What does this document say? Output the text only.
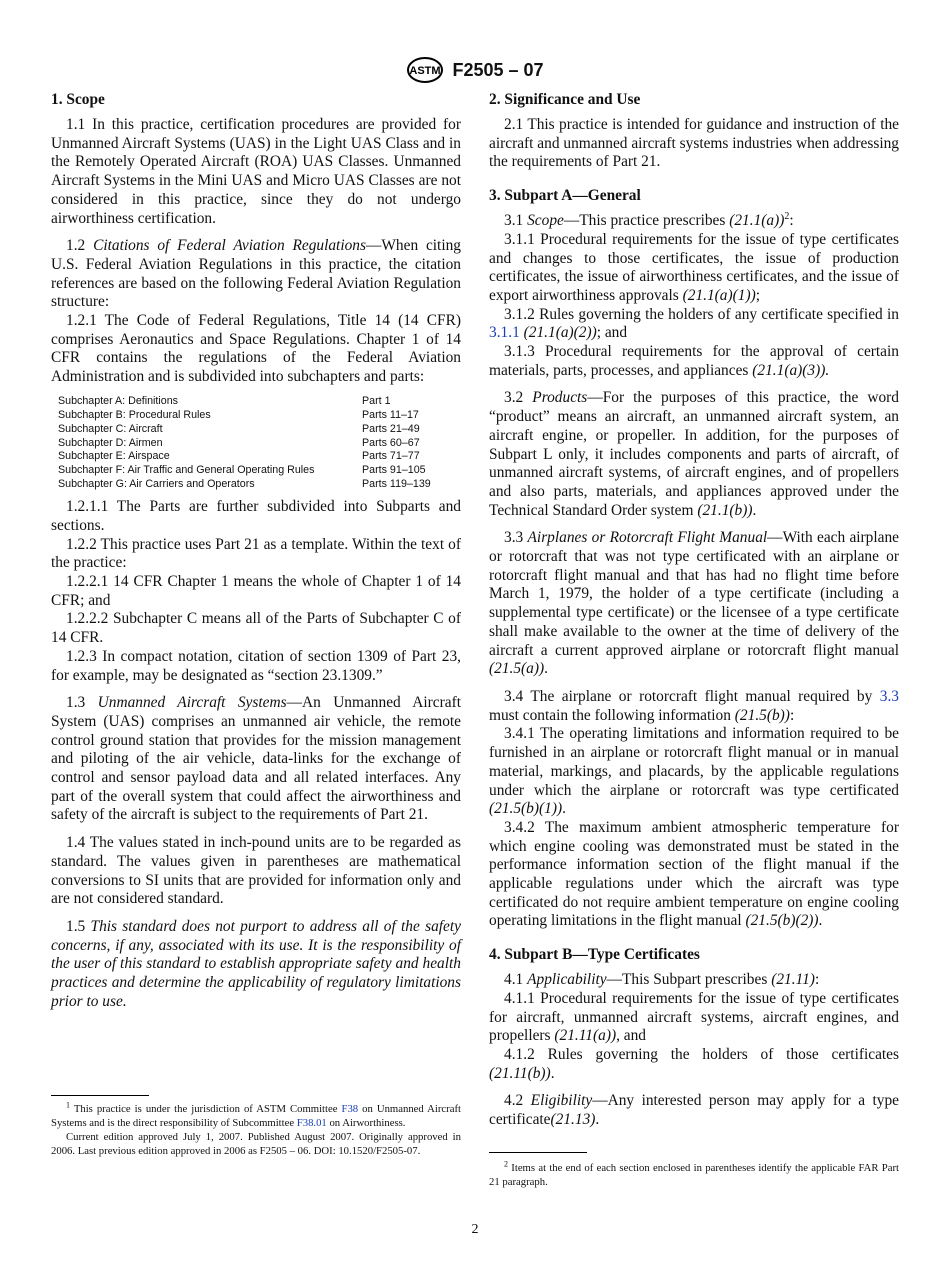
ASTM F2505 – 07
1. Scope

1.1 In this practice, certification procedures are provided for Unmanned Aircraft Systems (UAS) in the Light UAS Class and in the Remotely Operated Aircraft (ROA) UAS Classes. Unmanned Aircraft Systems in the Mini UAS and Micro UAS Classes are not considered in this practice, since they do not undergo airworthiness certification.

1.2 Citations of Federal Aviation Regulations—When citing U.S. Federal Aviation Regulations in this practice, the citation references are based on the following Federal Aviation Regulation structure:

1.2.1 The Code of Federal Regulations, Title 14 (14 CFR) comprises Aeronautics and Space Regulations. Chapter 1 of 14 CFR contains the regulations of the Federal Aviation Administration and is subdivided into subchapters and parts:

Subchapter A: Definitions	Part 1
Subchapter B: Procedural Rules	Parts 11–17
Subchapter C: Aircraft	Parts 21–49
Subchapter D: Airmen	Parts 60–67
Subchapter E: Airspace	Parts 71–77
Subchapter F: Air Traffic and General Operating Rules	Parts 91–105
Subchapter G: Air Carriers and Operators	Parts 119–139

1.2.1.1 The Parts are further subdivided into Subparts and sections.

1.2.2 This practice uses Part 21 as a template. Within the text of the practice:

1.2.2.1 14 CFR Chapter 1 means the whole of Chapter 1 of 14 CFR; and

1.2.2.2 Subchapter C means all of the Parts of Subchapter C of 14 CFR.

1.2.3 In compact notation, citation of section 1309 of Part 23, for example, may be designated as “section 23.1309.”

1.3 Unmanned Aircraft Systems—An Unmanned Aircraft System (UAS) comprises an unmanned air vehicle, the remote control ground station that provides for the mission management and piloting of the air vehicle, data-links for the exchange of control and sensor payload data and all related interfaces. Any part of the overall system that could affect the airworthiness and safety of the aircraft is subject to the requirements of Part 21.

1.4 The values stated in inch-pound units are to be regarded as standard. The values given in parentheses are mathematical conversions to SI units that are provided for information only and are not considered standard.

1.5 This standard does not purport to address all of the safety concerns, if any, associated with its use. It is the responsibility of the user of this standard to establish appropriate safety and health practices and determine the applicability of regulatory limitations prior to use.

$^1$ This practice is under the jurisdiction of ASTM Committee F38 on Unmanned Aircraft Systems and is the direct responsibility of Subcommittee F38.01 on Airworthiness.

Current edition approved July 1, 2007. Published August 2007. Originally approved in 2006. Last previous edition approved in 2006 as F2505 – 06. DOI: 10.1520/F2505-07.

2. Significance and Use

2.1 This practice is intended for guidance and instruction of the aircraft and unmanned aircraft systems industries when addressing the requirements of Part 21.

3. Subpart A—General

3.1 Scope—This practice prescribes $(21.1(a))^2$:

3.1.1 Procedural requirements for the issue of type certificates and changes to those certificates, the issue of production certificates, the issue of airworthiness certificates, and the issue of export airworthiness approvals (21.1(a)(1));

3.1.2 Rules governing the holders of any certificate specified in 3.1.1 (21.1(a)(2)); and

3.1.3 Procedural requirements for the approval of certain materials, parts, processes, and appliances (21.1(a)(3)).

3.2 Products—For the purposes of this practice, the word “product” means an aircraft, an unmanned aircraft system, an aircraft engine, or propeller. In addition, for the purposes of Subpart L only, it includes components and parts of aircraft, of unmanned aircraft systems, of aircraft engines, and of propellers and also parts, materials, and appliances approved under the Technical Standard Order system (21.1(b)).

3.3 Airplanes or Rotorcraft Flight Manual—With each airplane or rotorcraft that was not type certificated with an airplane or rotorcraft flight manual and that has had no flight time before March 1, 1979, the holder of a type certificate (including a supplemental type certificate) or the licensee of a type certificate shall make available to the owner at the time of delivery of the aircraft a current approved airplane or rotorcraft flight manual (21.5(a)).

3.4 The airplane or rotorcraft flight manual required by 3.3 must contain the following information (21.5(b)):

3.4.1 The operating limitations and information required to be furnished in an airplane or rotorcraft flight manual or in manual material, markings, and placards, by the applicable regulations under which the airplane or rotorcraft was type certificated (21.5(b)(1)).

3.4.2 The maximum ambient atmospheric temperature for which engine cooling was demonstrated must be stated in the performance information section of the flight manual if the applicable regulations under which the aircraft was type certificated do not require ambient temperature on engine cooling operating limitations in the flight manual (21.5(b)(2)).

4. Subpart B—Type Certificates

4.1 Applicability—This Subpart prescribes (21.11):

4.1.1 Procedural requirements for the issue of type certificates for aircraft, unmanned aircraft systems, aircraft engines, and propellers (21.11(a)), and

4.1.2 Rules governing the holders of those certificates (21.11(b)).

4.2 Eligibility—Any interested person may apply for a type certificate(21.13).

$^2$ Items at the end of each section enclosed in parentheses identify the applicable FAR Part 21 paragraph.

2
